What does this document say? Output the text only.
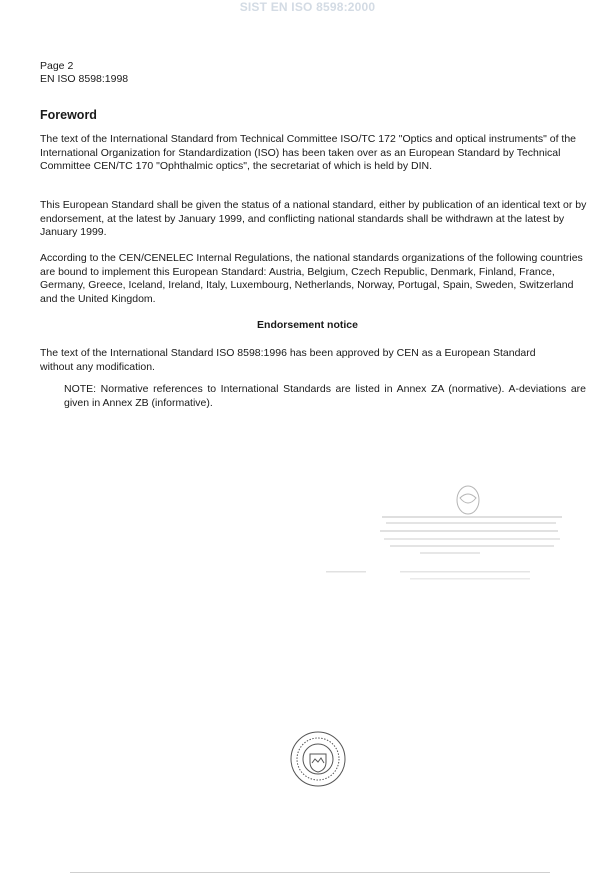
SIST EN ISO 8598:2000
Page 2
EN ISO 8598:1998
Foreword

The text of the International Standard from Technical Committee ISO/TC 172 "Optics and optical instruments" of the International Organization for Standardization (ISO) has been taken over as an European Standard by Technical Committee CEN/TC 170 "Ophthalmic optics", the secretariat of which is held by DIN.

This European Standard shall be given the status of a national standard, either by publication of an identical text or by endorsement, at the latest by January 1999, and conflicting national standards shall be withdrawn at the latest by January 1999.

According to the CEN/CENELEC Internal Regulations, the national standards organizations of the following countries are bound to implement this European Standard: Austria, Belgium, Czech Republic, Denmark, Finland, France, Germany, Greece, Iceland, Ireland, Italy, Luxembourg, Netherlands, Norway, Portugal, Spain, Sweden, Switzerland and the United Kingdom.

Endorsement notice

The text of the International Standard ISO 8598:1996 has been approved by CEN as a European Standard without any modification.

NOTE: Normative references to International Standards are listed in Annex ZA (normative). A-deviations are given in Annex ZB (informative).
